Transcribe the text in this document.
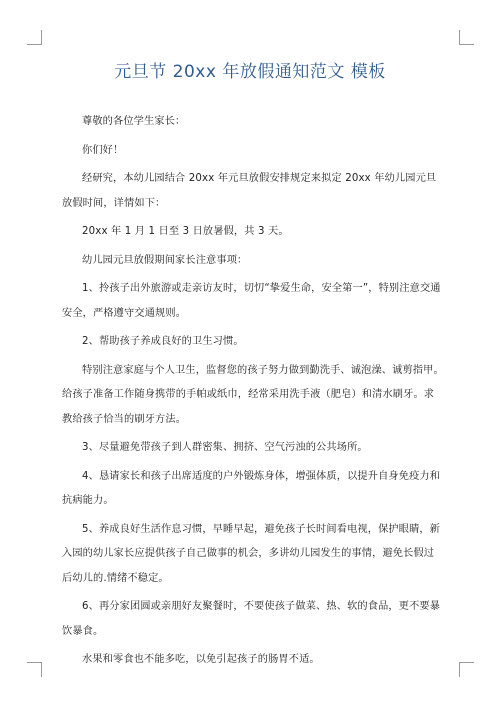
元旦节 20xx 年放假通知范文 模板

尊敬的各位学生家长：

你们好！

经研究，本幼儿园结合 20xx 年元旦放假安排规定来拟定 20xx 年幼儿园元旦放假时间，详情如下：

20xx 年 1 月 1 日至 3 日放暑假，共 3 天。

幼儿园元旦放假期间家长注意事项：

1、拎孩子出外旅游或走亲访友时，切忉“挚爱生命，安全第一”，特别注意交通安全，严格遵守交通规则。

2、帮助孩子养成良好的卫生习惯。

特别注意家庭与个人卫生，监督您的孩子努力做到勤洗手、诚泡澡、诚剪指甲。给孩子准备工作随身携带的手帕或纸巾，经常采用洗手液（肥皂）和清水刷牙。求教给孩子恰当的刷牙方法。

3、尽量避免带孩子到人群密集、拥挤、空气污浊的公共场所。

4、恳请家长和孩子出席适度的户外锻炼身体，增强体质，以提升自身免疫力和抗病能力。

5、养成良好生活作息习惯，早睡早起，避免孩子长时间看电视，保护眼睛，新入园的幼儿家长应提供孩子自己做事的机会，多讲幼儿园发生的事情，避免长假过后幼儿的.情绪不稳定。

6、再分家团圆或亲朋好友聚餐时，不要使孩子做菜、热、软的食品，更不要暴饮暴食。

水果和零食也不能多吃，以免引起孩子的肠胃不适。
